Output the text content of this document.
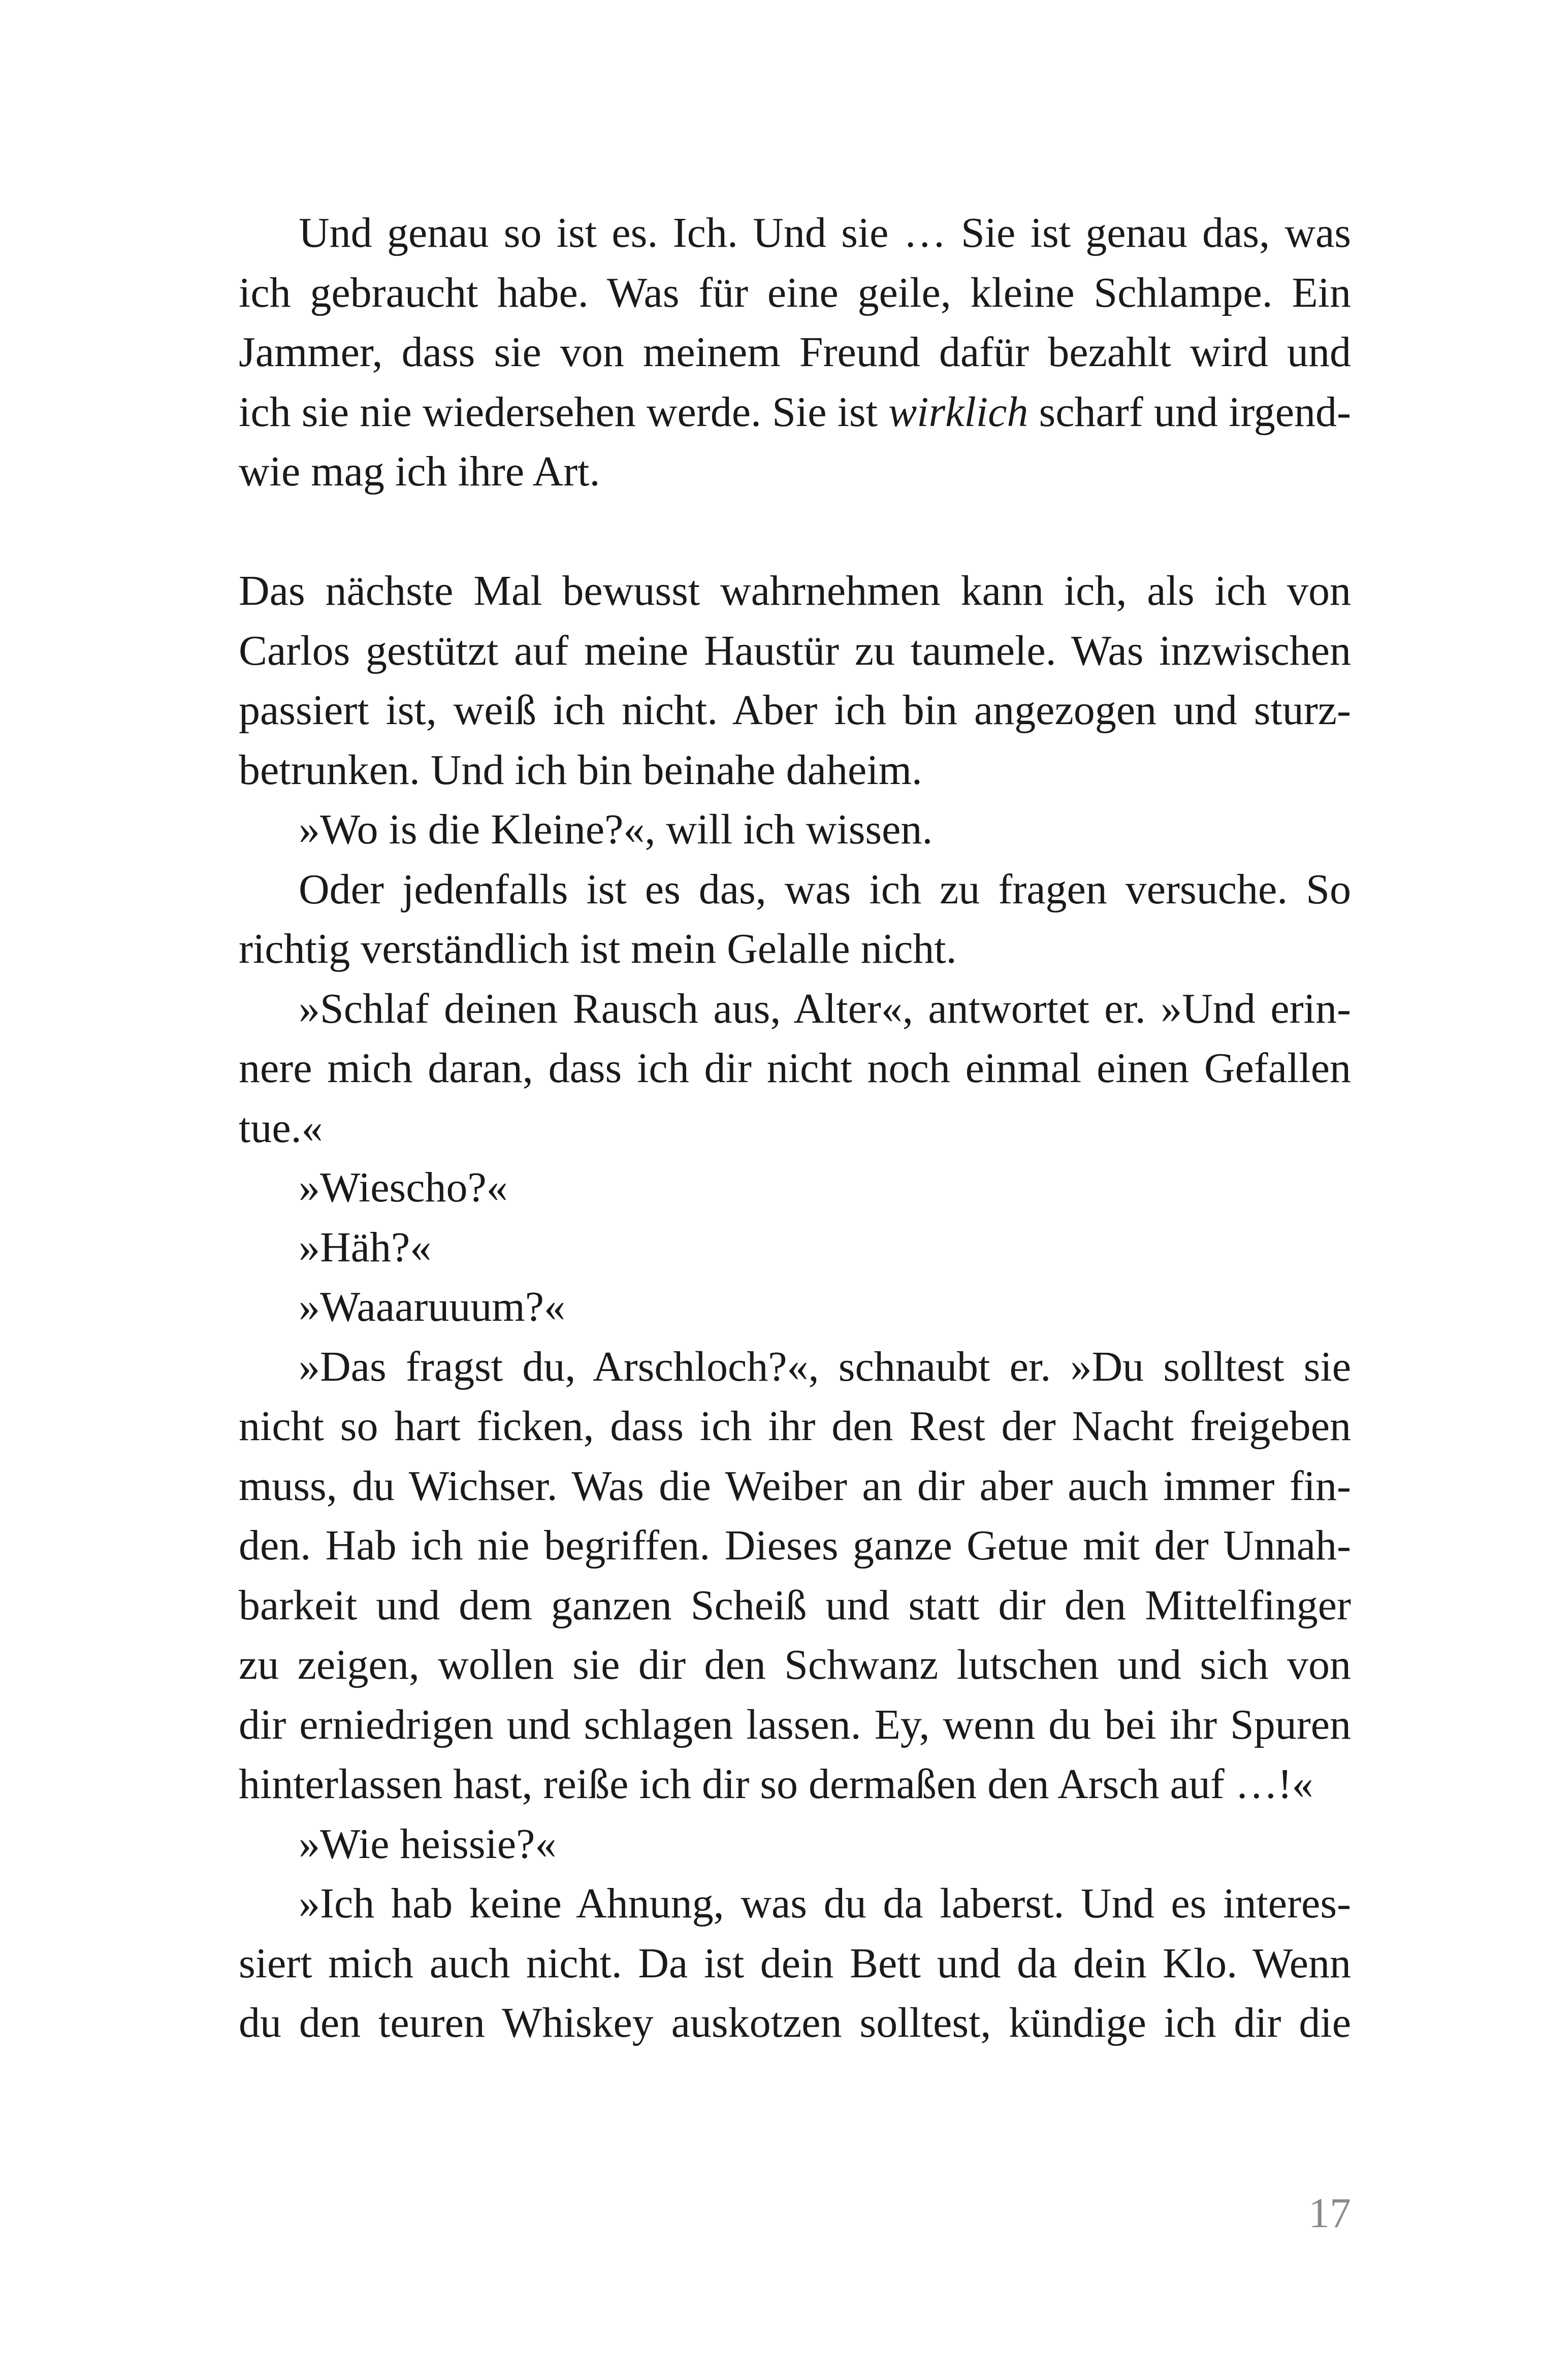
Und genau so ist es. Ich. Und sie … Sie ist genau das, was
ich gebraucht habe. Was für eine geile, kleine Schlampe. Ein
Jammer, dass sie von meinem Freund dafür bezahlt wird und
ich sie nie wiedersehen werde. Sie ist wirklich scharf und irgend-
wie mag ich ihre Art.
Das nächste Mal bewusst wahrnehmen kann ich, als ich von
Carlos gestützt auf meine Haustür zu taumele. Was inzwischen
passiert ist, weiß ich nicht. Aber ich bin angezogen und sturz-
betrunken. Und ich bin beinahe daheim.
»Wo is die Kleine?«, will ich wissen.
Oder jedenfalls ist es das, was ich zu fragen versuche. So
richtig verständlich ist mein Gelalle nicht.
»Schlaf deinen Rausch aus, Alter«, antwortet er. »Und erin-
nere mich daran, dass ich dir nicht noch einmal einen Gefallen
tue.«
»Wiescho?«
»Häh?«
»Waaaruuum?«
»Das fragst du, Arschloch?«, schnaubt er. »Du solltest sie
nicht so hart ficken, dass ich ihr den Rest der Nacht freigeben
muss, du Wichser. Was die Weiber an dir aber auch immer fin-
den. Hab ich nie begriffen. Dieses ganze Getue mit der Unnah-
barkeit und dem ganzen Scheiß und statt dir den Mittelfinger
zu zeigen, wollen sie dir den Schwanz lutschen und sich von
dir erniedrigen und schlagen lassen. Ey, wenn du bei ihr Spuren
hinterlassen hast, reiße ich dir so dermaßen den Arsch auf …!«
»Wie heissie?«
»Ich hab keine Ahnung, was du da laberst. Und es interes-
siert mich auch nicht. Da ist dein Bett und da dein Klo. Wenn
du den teuren Whiskey auskotzen solltest, kündige ich dir die
17
